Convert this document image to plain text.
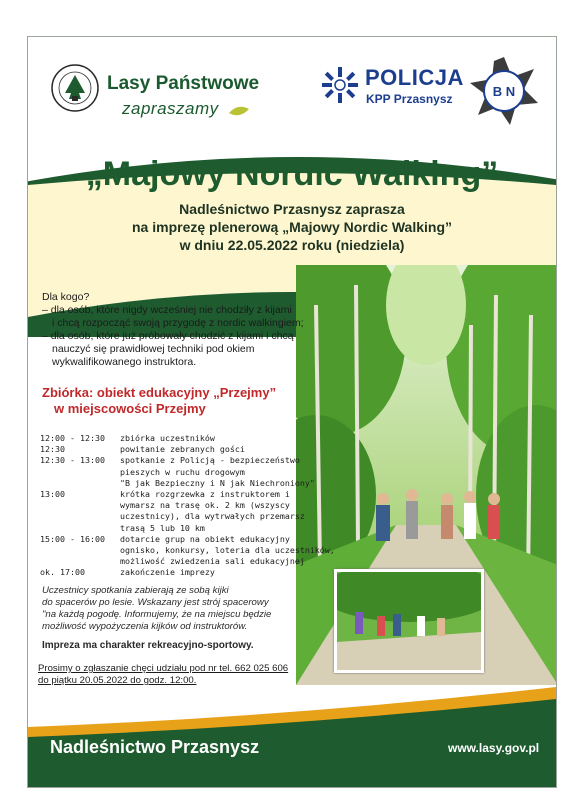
Lasy Państwowe
zapraszamy
POLICJA
KPP Przasnysz	B N
„Majowy Nordic Walking”
Nadleśnictwo Przasnysz zaprasza
na imprezę plenerową „Majowy Nordic Walking”
w dniu 22.05.2022 roku (niedziela)
Dla kogo?
– dla osób, które nigdy wcześniej nie chodziły z kijami
i chcą rozpocząć swoją przygodę z nordic walkingiem;
– dla osób, które już próbowały chodzić z kijami i chcą
nauczyć się prawidłowej techniki pod okiem
wykwalifikowanego instruktora.
Zbiórka: obiekt edukacyjny „Przejmy”
w miejscowości Przejmy
12:00 - 12:30 zbiórka uczestników
12:30	powitanie zebranych gości
12:30 - 13:00 spotkanie z Policją - bezpieczeństwo
pieszych w ruchu drogowym
"B jak Bezpieczny i N jak Niechroniony"
13:00	krótka rozgrzewka z instruktorem i
wymarsz na trasę ok. 2 km (wszyscy
uczestnicy), dla wytrwałych przemarsz
trasą 5 lub 10 km
15:00 - 16:00 dotarcie grup na obiekt edukacyjny
ognisko, konkursy, loteria dla uczestników,
możliwość zwiedzenia sali edukacyjnej
ok. 17:00	zakończenie imprezy
Uczestnicy spotkania zabierają ze sobą kijki
do spacerów po lesie. Wskazany jest strój spacerowy
"na każdą pogodę. Informujemy, że na miejscu będzie
możliwość wypożyczenia kijków od instruktorów.
Impreza ma charakter rekreacyjno-sportowy.
Prosimy o zgłaszanie chęci udziału pod nr tel. 662 025 606
do piątku 20.05.2022 do godz. 12:00.
Nadleśnictwo Przasnysz	www.lasy.gov.pl
